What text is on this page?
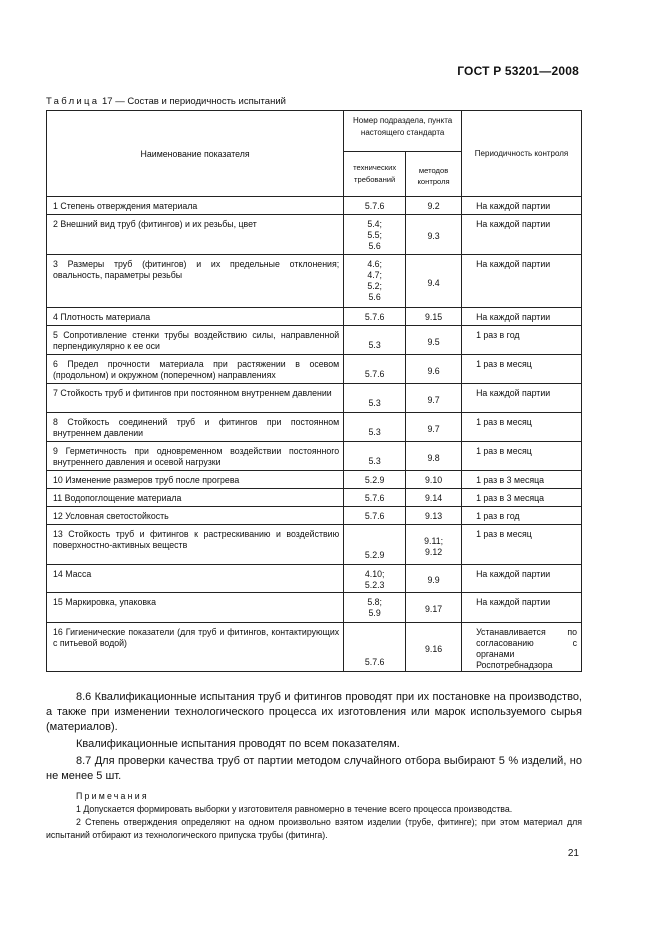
ГОСТ Р 53201—2008
Таблица 17 — Состав и периодичность испытаний
Наименование показателя	Номер подраздела, пункта настоящего стандарта		Периодичность контроля
	технических требований	методов контроля	
1 Степень отверждения материала	5.7.6	9.2	На каждой партии
2 Внешний вид труб (фитингов) и их резьбы, цвет	5.4;
5.5;
5.6	9.3	На каждой партии
3 Размеры труб (фитингов) и их предельные отклонения; овальность, параметры резьбы	4.6;
4.7;
5.2;
5.6	9.4	На каждой партии
4 Плотность материала	5.7.6	9.15	На каждой партии
5 Сопротивление стенки трубы воздействию силы, направленной перпендикулярно к ее оси	5.3	9.5	1 раз в год
6 Предел прочности материала при растяжении в осевом (продольном) и окружном (поперечном) направлениях	5.7.6	9.6	1 раз в месяц
7 Стойкость труб и фитингов при постоянном внутреннем давлении	5.3	9.7	На каждой партии
8 Стойкость соединений труб и фитингов при постоянном внутреннем давлении	5.3	9.7	1 раз в месяц
9 Герметичность при одновременном воздействии постоянного внутреннего давления и осевой нагрузки	5.3	9.8	1 раз в месяц
10 Изменение размеров труб после прогрева	5.2.9	9.10	1 раз в 3 месяца
11 Водопоглощение материала	5.7.6	9.14	1 раз в 3 месяца
12 Условная светостойкость	5.7.6	9.13	1 раз в год
13 Стойкость труб и фитингов к растрескиванию и воздействию поверхностно-активных веществ	5.2.9	9.11; 9.12	1 раз в месяц
14 Масса	4.10;
5.2.3	9.9	На каждой партии
15 Маркировка, упаковка	5.8;
5.9	9.17	На каждой партии
16 Гигиенические показатели (для труб и фитингов, контактирующих с питьевой водой)	5.7.6	9.16	Устанавливается по согласованию с органами Роспотребнадзора

8.6 Квалификационные испытания труб и фитингов проводят при их постановке на производство, а также при изменении технологического процесса их изготовления или марок используемого сырья (материалов).

Квалификационные испытания проводят по всем показателям.

8.7 Для проверки качества труб от партии методом случайного отбора выбирают 5 % изделий, но не менее 5 шт.

Примечания

1 Допускается формировать выборки у изготовителя равномерно в течение всего процесса производства.

2 Степень отверждения определяют на одном произвольно взятом изделии (трубе, фитинге); при этом материал для испытаний отбирают из технологического припуска трубы (фитинга).

21
